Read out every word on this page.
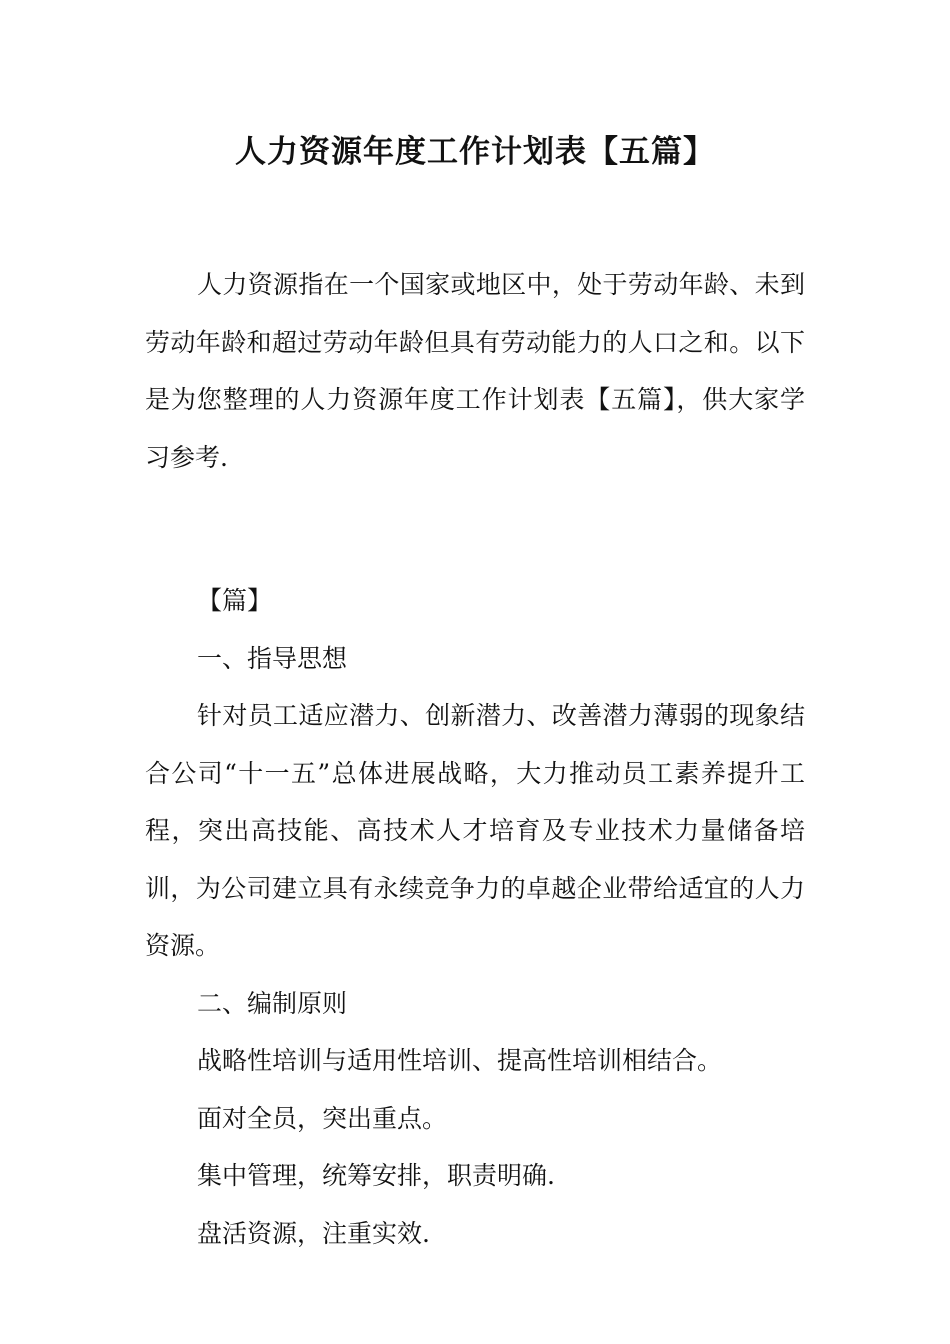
人力资源年度工作计划表【五篇】

人力资源指在一个国家或地区中，处于劳动年龄、未到劳动年龄和超过劳动年龄但具有劳动能力的人口之和。以下是为您整理的人力资源年度工作计划表【五篇】，供大家学习参考.

【篇】

一、指导思想

针对员工适应潜力、创新潜力、改善潜力薄弱的现象结合公司“十一五”总体进展战略，大力推动员工素养提升工程，突出高技能、高技术人才培育及专业技术力量储备培训，为公司建立具有永续竞争力的卓越企业带给适宜的人力资源。

二、编制原则

战略性培训与适用性培训、提高性培训相结合。

面对全员，突出重点。

集中管理，统筹安排，职责明确.

盘活资源，注重实效.
